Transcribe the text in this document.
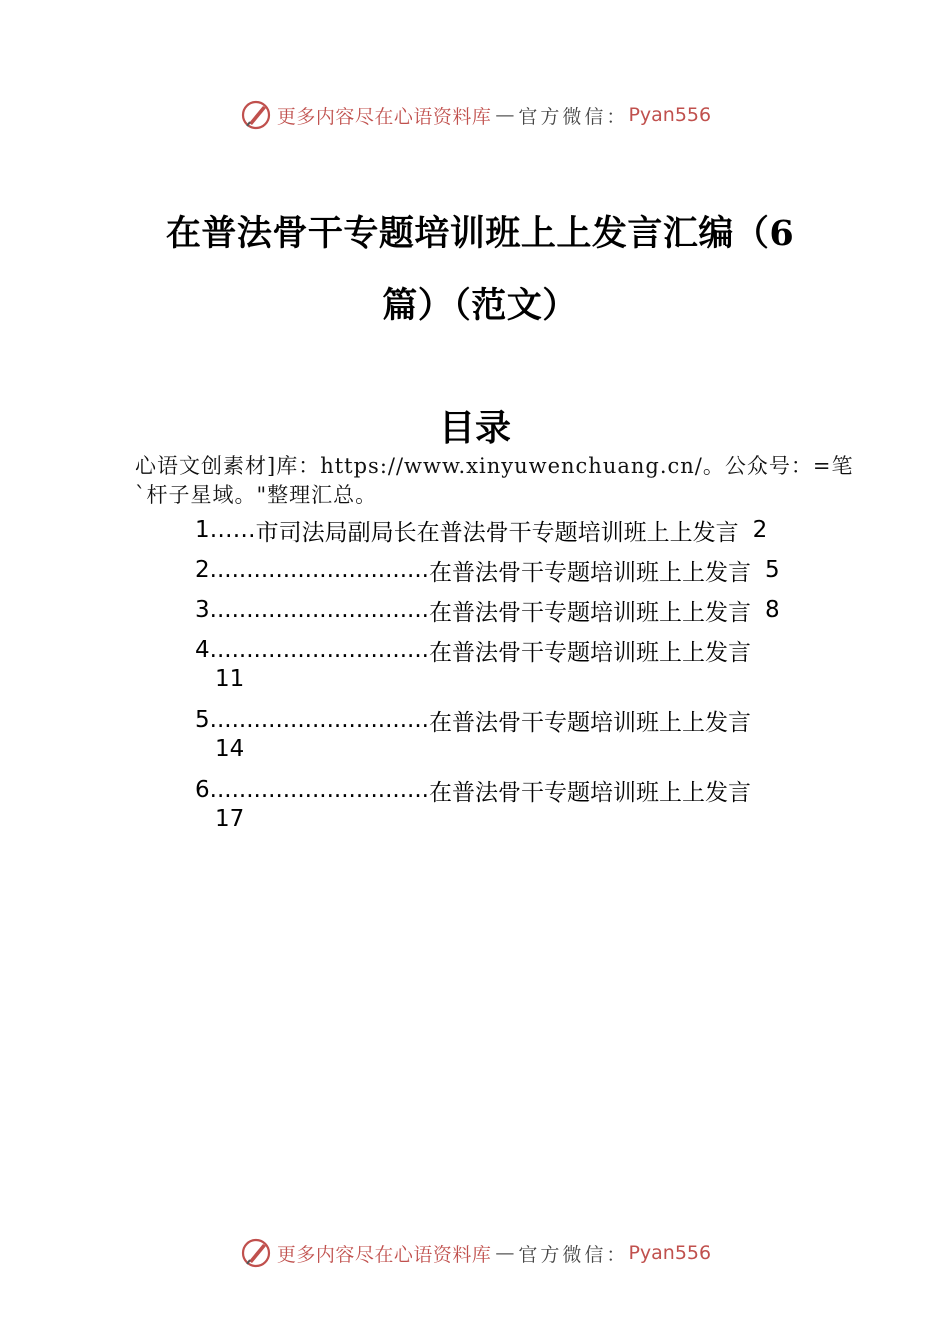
更多内容尽在心语资料库 — 官方微信： Pyan556
在普法骨干专题培训班上上发言汇编（6
篇）（范文）
目录
心语文创素材]库：https://www.xinyuwenchuang.cn/。公众号：=笔`杆子星域。"整理汇总。
1 …… 市司法局副局长在普法骨干专题培训班上上发言 2
2 .............................. 在普法骨干专题培训班上上发言 5
3 .............................. 在普法骨干专题培训班上上发言 8
4 .............................. 在普法骨干专题培训班上上发言
11
5 .............................. 在普法骨干专题培训班上上发言
14
6 .............................. 在普法骨干专题培训班上上发言
17
更多内容尽在心语资料库 — 官方微信： Pyan556
